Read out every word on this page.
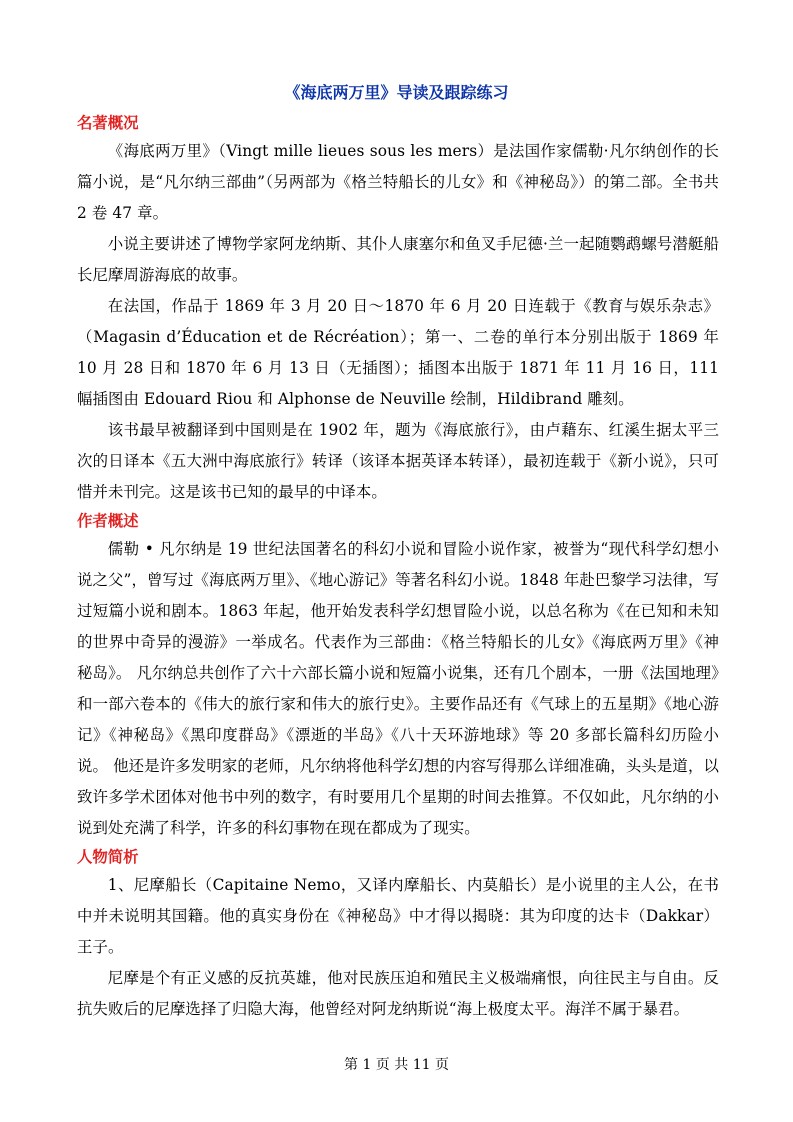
《海底两万里》导读及跟踪练习
名著概况

《海底两万里》（Vingt mille lieues sous les mers）是法国作家儒勒·凡尔纳创作的长篇小说，是“凡尔纳三部曲”（另两部为《格兰特船长的儿女》和《神秘岛》）的第二部。全书共 2 卷 47 章。

小说主要讲述了博物学家阿龙纳斯、其仆人康塞尔和鱼叉手尼德·兰一起随鹦鹉螺号潜艇船长尼摩周游海底的故事。

在法国，作品于 1869 年 3 月 20 日～1870 年 6 月 20 日连载于《教育与娱乐杂志》（Magasin d’Éducation et de Récréation）；第一、二卷的单行本分别出版于 1869 年 10 月 28 日和 1870 年 6 月 13 日（无插图）；插图本出版于 1871 年 11 月 16 日，111 幅插图由 Edouard Riou 和 Alphonse de Neuville 绘制，Hildibrand 雕刻。

该书最早被翻译到中国则是在 1902 年，题为《海底旅行》，由卢藉东、红溪生据太平三次的日译本《五大洲中海底旅行》转译（该译本据英译本转译），最初连载于《新小说》，只可惜并未刊完。这是该书已知的最早的中译本。

作者概述

儒勒 • 凡尔纳是 19 世纪法国著名的科幻小说和冒险小说作家，被誉为“现代科学幻想小说之父”，曾写过《海底两万里》、《地心游记》等著名科幻小说。1848 年赴巴黎学习法律，写过短篇小说和剧本。1863 年起，他开始发表科学幻想冒险小说，以总名称为《在已知和未知的世界中奇异的漫游》一举成名。代表作为三部曲：《格兰特船长的儿女》《海底两万里》《神秘岛》。 凡尔纳总共创作了六十六部长篇小说和短篇小说集，还有几个剧本，一册《法国地理》和一部六卷本的《伟大的旅行家和伟大的旅行史》。主要作品还有《气球上的五星期》《地心游记》《神秘岛》《黑印度群岛》《漂逝的半岛》《八十天环游地球》等 20 多部长篇科幻历险小说。 他还是许多发明家的老师，凡尔纳将他科学幻想的内容写得那么详细准确，头头是道，以致许多学术团体对他书中列的数字，有时要用几个星期的时间去推算。不仅如此，凡尔纳的小说到处充满了科学，许多的科幻事物在现在都成为了现实。

人物简析

1、尼摩船长（Capitaine Nemo，又译内摩船长、内莫船长）是小说里的主人公，在书中并未说明其国籍。他的真实身份在《神秘岛》中才得以揭晓：其为印度的达卡（Dakkar）王子。

尼摩是个有正义感的反抗英雄，他对民族压迫和殖民主义极端痛恨，向往民主与自由。反抗失败后的尼摩选择了归隐大海，他曾经对阿龙纳斯说“海上极度太平。海洋不属于暴君。

第 1 页 共 11 页
